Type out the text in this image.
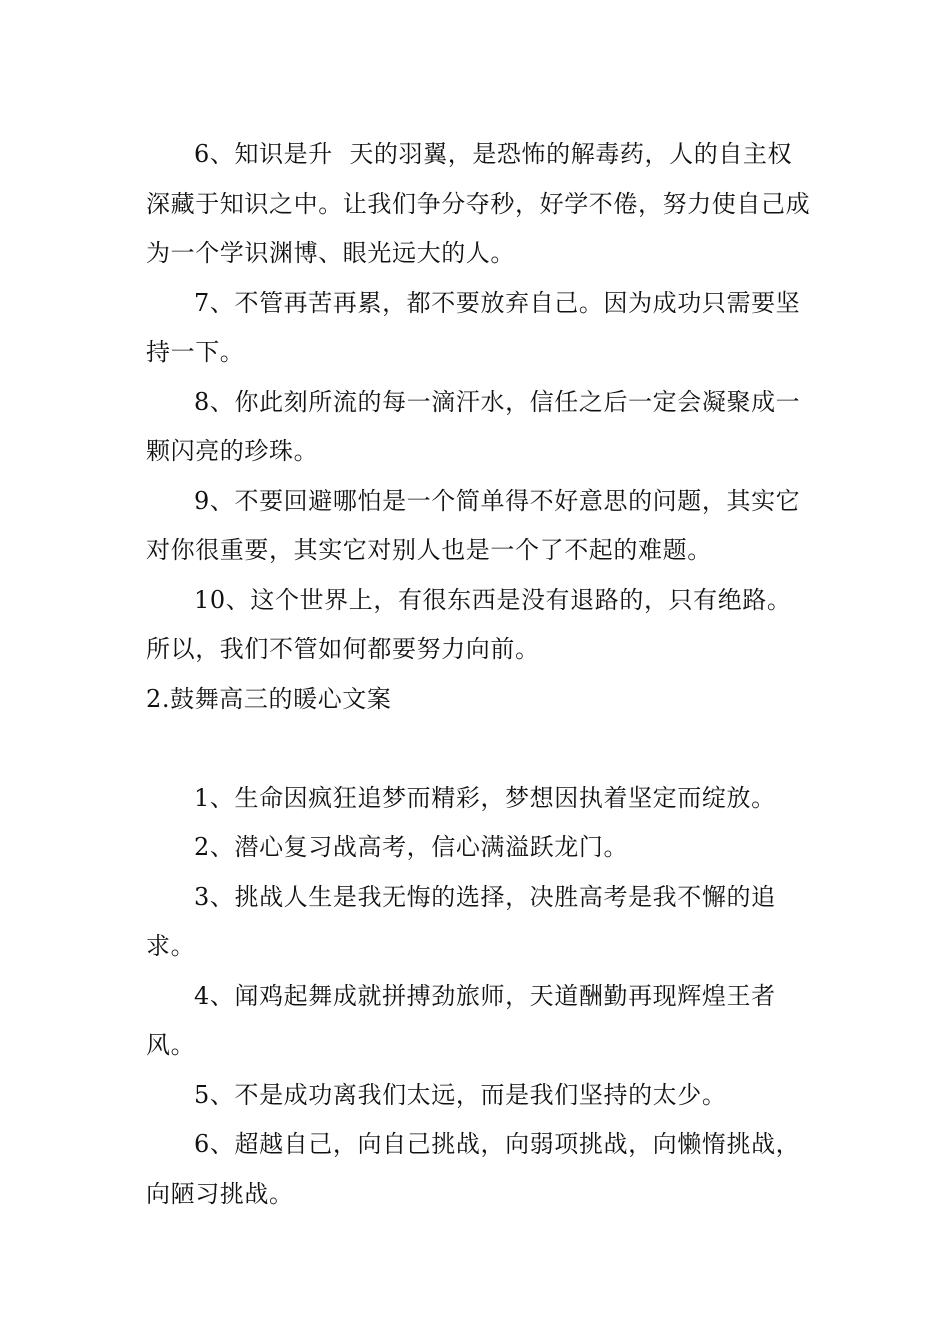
6、知识是升  天的羽翼，是恐怖的解毒药，人的自主权深藏于知识之中。让我们争分夺秒，好学不倦，努力使自己成为一个学识渊博、眼光远大的人。

7、不管再苦再累，都不要放弃自己。因为成功只需要坚持一下。

8、你此刻所流的每一滴汗水，信任之后一定会凝聚成一颗闪亮的珍珠。

9、不要回避哪怕是一个简单得不好意思的问题，其实它对你很重要，其实它对别人也是一个了不起的难题。

10、这个世界上，有很东西是没有退路的，只有绝路。所以，我们不管如何都要努力向前。

2.鼓舞高三的暖心文案

1、生命因疯狂追梦而精彩，梦想因执着坚定而绽放。

2、潜心复习战高考，信心满溢跃龙门。

3、挑战人生是我无悔的选择，决胜高考是我不懈的追求。

4、闻鸡起舞成就拼搏劲旅师，天道酬勤再现辉煌王者风。

5、不是成功离我们太远，而是我们坚持的太少。

6、超越自己，向自己挑战，向弱项挑战，向懒惰挑战，向陋习挑战。
